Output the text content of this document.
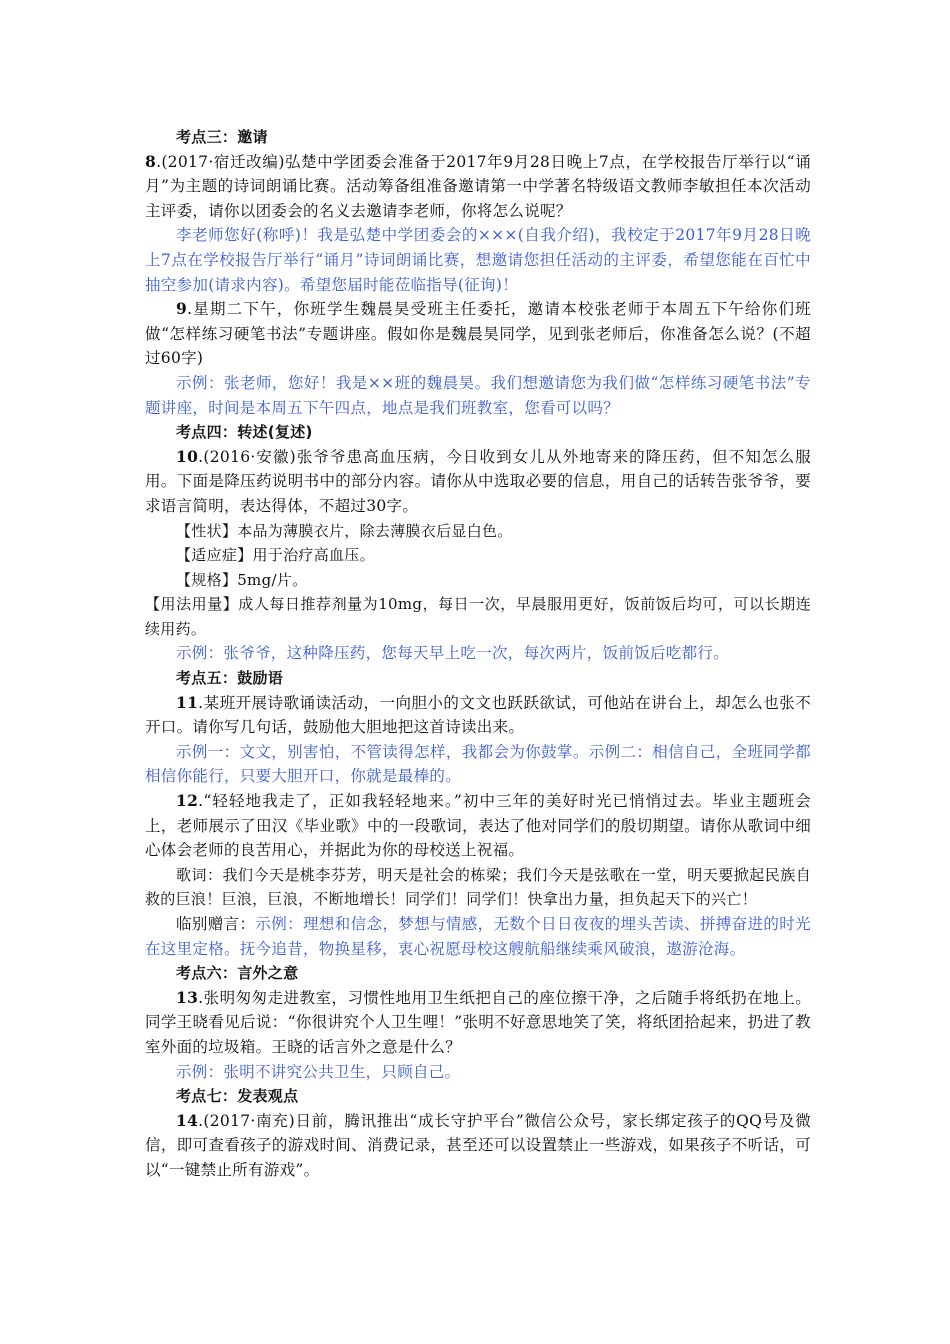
考点三：邀请

8.(2017·宿迁改编)弘楚中学团委会准备于2017年9月28日晚上7点，在学校报告厅举行以“诵月”为主题的诗词朗诵比赛。活动筹备组准备邀请第一中学著名特级语文教师李敏担任本次活动主评委，请你以团委会的名义去邀请李老师，你将怎么说呢？

李老师您好(称呼)！我是弘楚中学团委会的×××(自我介绍)，我校定于2017年9月28日晚上7点在学校报告厅举行“诵月”诗词朗诵比赛，想邀请您担任活动的主评委，希望您能在百忙中抽空参加(请求内容)。希望您届时能莅临指导(征询)！

9.星期二下午，你班学生魏晨昊受班主任委托，邀请本校张老师于本周五下午给你们班做“怎样练习硬笔书法”专题讲座。假如你是魏晨昊同学，见到张老师后，你准备怎么说？(不超过60字)

示例：张老师，您好！我是××班的魏晨昊。我们想邀请您为我们做“怎样练习硬笔书法”专题讲座，时间是本周五下午四点，地点是我们班教室，您看可以吗？

考点四：转述(复述)

10.(2016·安徽)张爷爷患高血压病，今日收到女儿从外地寄来的降压药，但不知怎么服用。下面是降压药说明书中的部分内容。请你从中选取必要的信息，用自己的话转告张爷爷，要求语言简明，表达得体，不超过30字。

【性状】本品为薄膜衣片，除去薄膜衣后显白色。

【适应症】用于治疗高血压。

【规格】5mg/片。

【用法用量】成人每日推荐剂量为10mg，每日一次，早晨服用更好，饭前饭后均可，可以长期连续用药。

示例：张爷爷，这种降压药，您每天早上吃一次，每次两片，饭前饭后吃都行。

考点五：鼓励语

11.某班开展诗歌诵读活动，一向胆小的文文也跃跃欲试，可他站在讲台上，却怎么也张不开口。请你写几句话，鼓励他大胆地把这首诗读出来。

示例一：文文，别害怕，不管读得怎样，我都会为你鼓掌。示例二：相信自己，全班同学都相信你能行，只要大胆开口，你就是最棒的。

12.“轻轻地我走了，正如我轻轻地来。”初中三年的美好时光已悄悄过去。毕业主题班会上，老师展示了田汉《毕业歌》中的一段歌词，表达了他对同学们的殷切期望。请你从歌词中细心体会老师的良苦用心，并据此为你的母校送上祝福。

歌词：我们今天是桃李芬芳，明天是社会的栋梁；我们今天是弦歌在一堂，明天要掀起民族自救的巨浪！巨浪，巨浪，不断地增长！同学们！同学们！快拿出力量，担负起天下的兴亡！

临别赠言：示例：理想和信念，梦想与情感，无数个日日夜夜的埋头苦读、拼搏奋进的时光在这里定格。抚今追昔，物换星移，衷心祝愿母校这艘航船继续乘风破浪，遨游沧海。

考点六：言外之意

13.张明匆匆走进教室，习惯性地用卫生纸把自己的座位擦干净，之后随手将纸扔在地上。同学王晓看见后说：“你很讲究个人卫生哩！”张明不好意思地笑了笑，将纸团拾起来，扔进了教室外面的垃圾箱。王晓的话言外之意是什么？

示例：张明不讲究公共卫生，只顾自己。

考点七：发表观点

14.(2017·南充)日前，腾讯推出“成长守护平台”微信公众号，家长绑定孩子的QQ号及微信，即可查看孩子的游戏时间、消费记录，甚至还可以设置禁止一些游戏，如果孩子不听话，可以“一键禁止所有游戏”。
